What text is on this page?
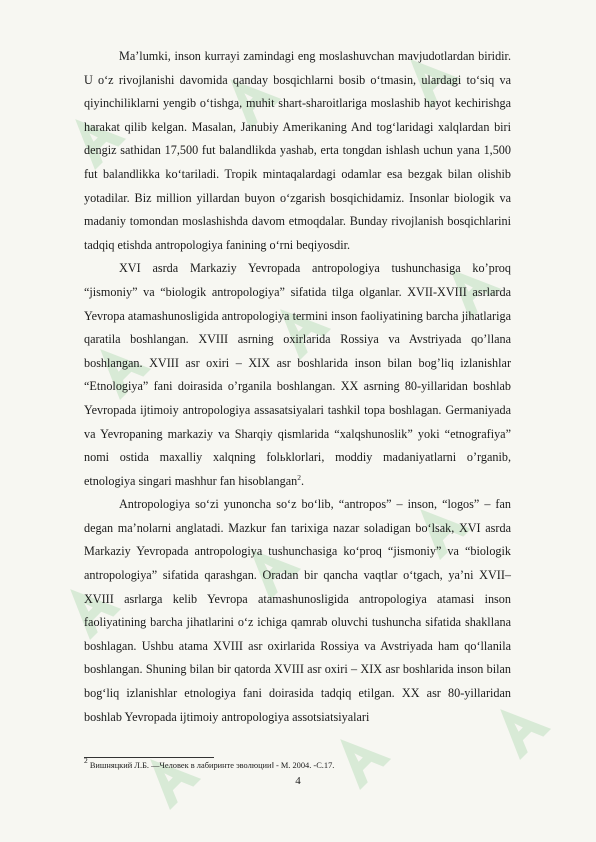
Ma’lumki, inson kurrayi zamindagi eng moslashuvchan mavjudotlardan biridir. U o‘z rivojlanishi davomida qanday bosqichlarni bosib o‘tmasin, ulardagi to‘siq va qiyinchiliklarni yengib o‘tishga, muhit shart-sharoitlariga moslashib hayot kechirishga harakat qilib kelgan. Masalan, Janubiy Amerikaning And tog‘laridagi xalqlardan biri dengiz sathidan 17,500 fut balandlikda yashab, erta tongdan ishlash uchun yana 1,500 fut balandlikka ko‘tariladi. Tropik mintaqalardagi odamlar esa bezgak bilan olishib yotadilar. Biz million yillardan buyon o‘zgarish bosqichidamiz. Insonlar biologik va madaniy tomondan moslashishda davom etmoqdalar. Bunday rivojlanish bosqichlarini tadqiq etishda antropologiya fanining o‘rni beqiyosdir.

XVI asrda Markaziy Yevropada antropologiya tushunchasiga ko’proq “jismoniy” va “biologik antropologiya” sifatida tilga olganlar. XVII-XVIII asrlarda Yevropa atamashunosligida antropologiya termini inson faoliyatining barcha jihatlariga qaratila boshlangan. XVIII asrning oxirlarida Rossiya va Avstriyada qo’llana boshlangan. XVIII asr oxiri – XIX asr boshlarida inson bilan bog’liq izlanishlar “Etnologiya” fani doirasida o’rganila boshlangan. XX asrning 80-yillaridan boshlab Yevropada ijtimoiy antropologiya assasatsiyalari tashkil topa boshlagan. Germaniyada va Yevropaning markaziy va Sharqiy qismlarida “xalqshunoslik” yoki “etnografiya” nomi ostida maxalliy xalqning folьklorlari, moddiy madaniyatlarni o’rganib, etnologiya singari mashhur fan hisoblangan$^2$.

Antropologiya so‘zi yunoncha so‘z bo‘lib, “antropos” – inson, “logos” – fan degan ma’nolarni anglatadi. Mazkur fan tarixiga nazar soladigan bo‘lsak, XVI asrda Markaziy Yevropada antropologiya tushunchasiga ko‘proq “jismoniy” va “biologik antropologiya” sifatida qarashgan. Oradan bir qancha vaqtlar o‘tgach, ya’ni XVII–XVIII asrlarga kelib Yevropa atamashunosligida antropologiya atamasi inson faoliyatining barcha jihatlarini o‘z ichiga qamrab oluvchi tushuncha sifatida shakllana boshlagan. Ushbu atama XVIII asr oxirlarida Rossiya va Avstriyada ham qo‘llanila boshlangan. Shuning bilan bir qatorda XVIII asr oxiri – XIX asr boshlarida inson bilan bog‘liq izlanishlar etnologiya fani doirasida tadqiq etilgan. XX asr 80-yillaridan boshlab Yevropada ijtimoiy antropologiya assotsiatsiyalari

$^2$ Вишняцкий Л.Б. ―Человек в лабиринте эволюции‖ - М. 2004. -С.17.

4
